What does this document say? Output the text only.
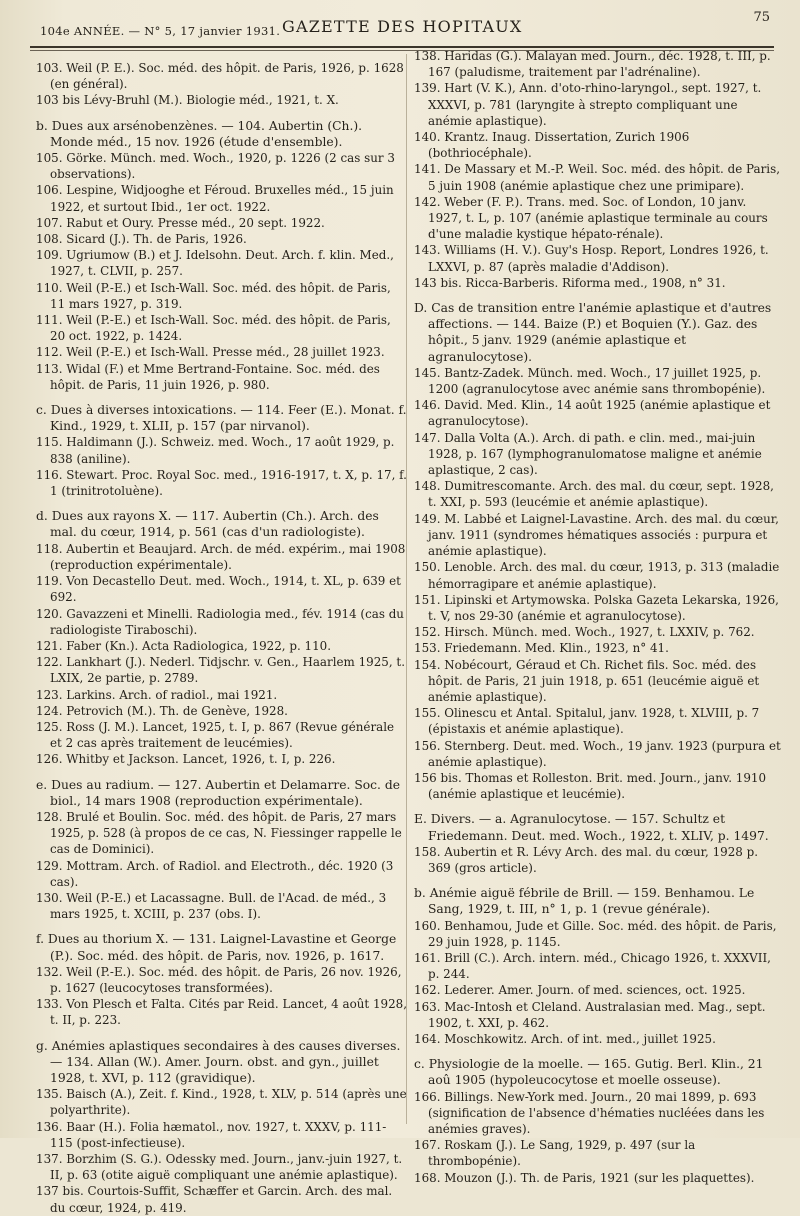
104e ANNÉE. — N° 5, 17 janvier 1931. GAZETTE DES HOPITAUX	75

103. Weil (P. E.). Soc. méd. des hôpit. de Paris, 1926, p. 1628 (en général).

103 bis Lévy-Bruhl (M.). Biologie méd., 1921, t. X.

b. Dues aux arsénobenzènes. — 104. Aubertin (Ch.). Monde méd., 15 nov. 1926 (étude d'ensemble).

105. Görke. Münch. med. Woch., 1920, p. 1226 (2 cas sur 3 observations).

106. Lespine, Widjooghe et Féroud. Bruxelles méd., 15 juin 1922, et surtout Ibid., 1er oct. 1922.

107. Rabut et Oury. Presse méd., 20 sept. 1922.

108. Sicard (J.). Th. de Paris, 1926.

109. Ugriumow (B.) et J. Idelsohn. Deut. Arch. f. klin. Med., 1927, t. CLVII, p. 257.

110. Weil (P.-E.) et Isch-Wall. Soc. méd. des hôpit. de Paris, 11 mars 1927, p. 319.

111. Weil (P.-E.) et Isch-Wall. Soc. méd. des hôpit. de Paris, 20 oct. 1922, p. 1424.

112. Weil (P.-E.) et Isch-Wall. Presse méd., 28 juillet 1923.

113. Widal (F.) et Mme Bertrand-Fontaine. Soc. méd. des hôpit. de Paris, 11 juin 1926, p. 980.

c. Dues à diverses intoxications. — 114. Feer (E.). Monat. f. Kind., 1929, t. XLII, p. 157 (par nirvanol).

115. Haldimann (J.). Schweiz. med. Woch., 17 août 1929, p. 838 (aniline).

116. Stewart. Proc. Royal Soc. med., 1916-1917, t. X, p. 17, f. 1 (trinitrotoluène).

d. Dues aux rayons X. — 117. Aubertin (Ch.). Arch. des mal. du cœur, 1914, p. 561 (cas d'un radiologiste).

118. Aubertin et Beaujard. Arch. de méd. expérim., mai 1908 (reproduction expérimentale).

119. Von Decastello Deut. med. Woch., 1914, t. XL, p. 639 et 692.

120. Gavazzeni et Minelli. Radiologia med., fév. 1914 (cas du radiologiste Tiraboschi).

121. Faber (Kn.). Acta Radiologica, 1922, p. 110.

122. Lankhart (J.). Nederl. Tidjschr. v. Gen., Haarlem 1925, t. LXIX, 2e partie, p. 2789.

123. Larkins. Arch. of radiol., mai 1921.

124. Petrovich (M.). Th. de Genève, 1928.

125. Ross (J. M.). Lancet, 1925, t. I, p. 867 (Revue générale et 2 cas après traitement de leucémies).

126. Whitby et Jackson. Lancet, 1926, t. I, p. 226.

e. Dues au radium. — 127. Aubertin et Delamarre. Soc. de biol., 14 mars 1908 (reproduction expérimentale).

128. Brulé et Boulin. Soc. méd. des hôpit. de Paris, 27 mars 1925, p. 528 (à propos de ce cas, N. Fiessinger rappelle le cas de Dominici).

129. Mottram. Arch. of Radiol. and Electroth., déc. 1920 (3 cas).

130. Weil (P.-E.) et Lacassagne. Bull. de l'Acad. de méd., 3 mars 1925, t. XCIII, p. 237 (obs. I).

f. Dues au thorium X. — 131. Laignel-Lavastine et George (P.). Soc. méd. des hôpit. de Paris, nov. 1926, p. 1617.

132. Weil (P.-E.). Soc. méd. des hôpit. de Paris, 26 nov. 1926, p. 1627 (leucocytoses transformées).

133. Von Plesch et Falta. Cités par Reid. Lancet, 4 août 1928, t. II, p. 223.

g. Anémies aplastiques secondaires à des causes diverses. — 134. Allan (W.). Amer. Journ. obst. and gyn., juillet 1928, t. XVI, p. 112 (gravidique).

135. Baisch (A.), Zeit. f. Kind., 1928, t. XLV, p. 514 (après une polyarthrite).

136. Baar (H.). Folia hæmatol., nov. 1927, t. XXXV, p. 111-115 (post-infectieuse).

137. Borzhim (S. G.). Odessky med. Journ., janv.-juin 1927, t. II, p. 63 (otite aiguë compliquant une anémie aplastique).

137 bis. Courtois-Suffit, Schæffer et Garcin. Arch. des mal. du cœur, 1924, p. 419.

138. Haridas (G.). Malayan med. Journ., déc. 1928, t. III, p. 167 (paludisme, traitement par l'adrénaline).

139. Hart (V. K.), Ann. d'oto-rhino-laryngol., sept. 1927, t. XXXVI, p. 781 (laryngite à strepto compliquant une anémie aplastique).

140. Krantz. Inaug. Dissertation, Zurich 1906 (bothriocéphale).

141. De Massary et M.-P. Weil. Soc. méd. des hôpit. de Paris, 5 juin 1908 (anémie aplastique chez une primipare).

142. Weber (F. P.). Trans. med. Soc. of London, 10 janv. 1927, t. L, p. 107 (anémie aplastique terminale au cours d'une maladie kystique hépato-rénale).

143. Williams (H. V.). Guy's Hosp. Report, Londres 1926, t. LXXVI, p. 87 (après maladie d'Addison).

143 bis. Ricca-Barberis. Riforma med., 1908, n° 31.

D. Cas de transition entre l'anémie aplastique et d'autres affections. — 144. Baize (P.) et Boquien (Y.). Gaz. des hôpit., 5 janv. 1929 (anémie aplastique et agranulocytose).

145. Bantz-Zadek. Münch. med. Woch., 17 juillet 1925, p. 1200 (agranulocytose avec anémie sans thrombopénie).

146. David. Med. Klin., 14 août 1925 (anémie aplastique et agranulocytose).

147. Dalla Volta (A.). Arch. di path. e clin. med., mai-juin 1928, p. 167 (lymphogranulomatose maligne et anémie aplastique, 2 cas).

148. Dumitrescomante. Arch. des mal. du cœur, sept. 1928, t. XXI, p. 593 (leucémie et anémie aplastique).

149. M. Labbé et Laignel-Lavastine. Arch. des mal. du cœur, janv. 1911 (syndromes hématiques associés : purpura et anémie aplastique).

150. Lenoble. Arch. des mal. du cœur, 1913, p. 313 (maladie hémorragipare et anémie aplastique).

151. Lipinski et Artymowska. Polska Gazeta Lekarska, 1926, t. V, nos 29-30 (anémie et agranulocytose).

152. Hirsch. Münch. med. Woch., 1927, t. LXXIV, p. 762.

153. Friedemann. Med. Klin., 1923, n° 41.

154. Nobécourt, Géraud et Ch. Richet fils. Soc. méd. des hôpit. de Paris, 21 juin 1918, p. 651 (leucémie aiguë et anémie aplastique).

155. Olinescu et Antal. Spitalul, janv. 1928, t. XLVIII, p. 7 (épistaxis et anémie aplastique).

156. Sternberg. Deut. med. Woch., 19 janv. 1923 (purpura et anémie aplastique).

156 bis. Thomas et Rolleston. Brit. med. Journ., janv. 1910 (anémie aplastique et leucémie).

E. Divers. — a. Agranulocytose. — 157. Schultz et Friedemann. Deut. med. Woch., 1922, t. XLIV, p. 1497.

158. Aubertin et R. Lévy Arch. des mal. du cœur, 1928 p. 369 (gros article).

b. Anémie aiguë fébrile de Brill. — 159. Benhamou. Le Sang, 1929, t. III, n° 1, p. 1 (revue générale).

160. Benhamou, Jude et Gille. Soc. méd. des hôpit. de Paris, 29 juin 1928, p. 1145.

161. Brill (C.). Arch. intern. méd., Chicago 1926, t. XXXVII, p. 244.

162. Lederer. Amer. Journ. of med. sciences, oct. 1925.

163. Mac-Intosh et Cleland. Australasian med. Mag., sept. 1902, t. XXI, p. 462.

164. Moschkowitz. Arch. of int. med., juillet 1925.

c. Physiologie de la moelle. — 165. Gutig. Berl. Klin., 21 aoû 1905 (hypoleucocytose et moelle osseuse).

166. Billings. New-York med. Journ., 20 mai 1899, p. 693 (signification de l'absence d'hématies nucléées dans les anémies graves).

167. Roskam (J.). Le Sang, 1929, p. 497 (sur la thrombopénie).

168. Mouzon (J.). Th. de Paris, 1921 (sur les plaquettes).
